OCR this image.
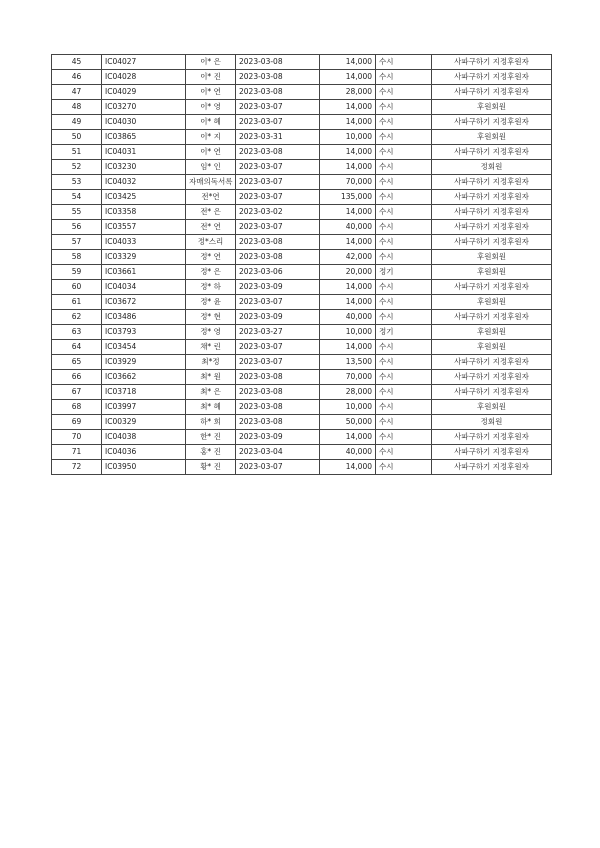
45	IC04027	이* 은	2023-03-08	14,000	수시	사파구하기 지정후원자
46	IC04028	이* 진	2023-03-08	14,000	수시	사파구하기 지정후원자
47	IC04029	이* 연	2023-03-08	28,000	수시	사파구하기 지정후원자
48	IC03270	이* 영	2023-03-07	14,000	수시	후원회원
49	IC04030	이* 혜	2023-03-07	14,000	수시	사파구하기 지정후원자
50	IC03865	이* 지	2023-03-31	10,000	수시	후원회원
51	IC04031	이* 연	2023-03-08	14,000	수시	사파구하기 지정후원자
52	IC03230	임* 인	2023-03-07	14,000	수시	정회원
53	IC04032	자매의독서록	2023-03-07	70,000	수시	사파구하기 지정후원자
54	IC03425	전*연	2023-03-07	135,000	수시	사파구하기 지정후원자
55	IC03358	전* 은	2023-03-02	14,000	수시	사파구하기 지정후원자
56	IC03557	전* 연	2023-03-07	40,000	수시	사파구하기 지정후원자
57	IC04033	정*스리	2023-03-08	14,000	수시	사파구하기 지정후원자
58	IC03329	정* 연	2023-03-08	42,000	수시	후원회원
59	IC03661	정* 은	2023-03-06	20,000	정기	후원회원
60	IC04034	정* 하	2023-03-09	14,000	수시	사파구하기 지정후원자
61	IC03672	정* 윤	2023-03-07	14,000	수시	후원회원
62	IC03486	정* 현	2023-03-09	40,000	수시	사파구하기 지정후원자
63	IC03793	정* 영	2023-03-27	10,000	정기	후원회원
64	IC03454	채* 린	2023-03-07	14,000	수시	후원회원
65	IC03929	최*정	2023-03-07	13,500	수시	사파구하기 지정후원자
66	IC03662	최* 원	2023-03-08	70,000	수시	사파구하기 지정후원자
67	IC03718	최* 은	2023-03-08	28,000	수시	사파구하기 지정후원자
68	IC03997	최* 혜	2023-03-08	10,000	수시	후원회원
69	IC00329	하* 희	2023-03-08	50,000	수시	정회원
70	IC04038	한* 진	2023-03-09	14,000	수시	사파구하기 지정후원자
71	IC04036	홍* 진	2023-03-04	40,000	수시	사파구하기 지정후원자
72	IC03950	황* 진	2023-03-07	14,000	수시	사파구하기 지정후원자
